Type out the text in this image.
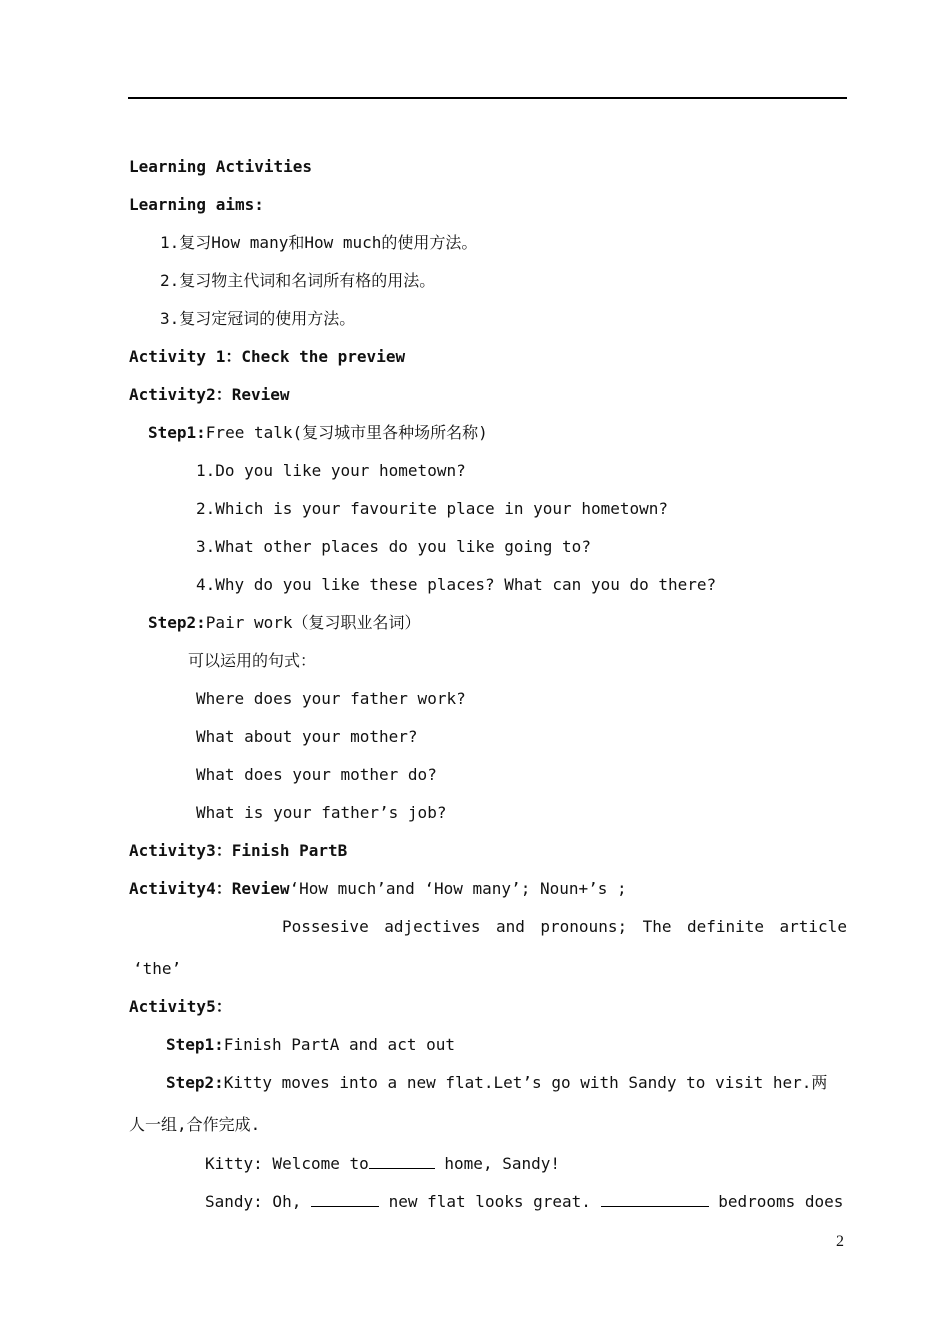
Learning Activities
Learning aims:
1.复习How many和How much的使用方法。
2.复习物主代词和名词所有格的用法。
3.复习定冠词的使用方法。
Activity 1：Check the preview
Activity2：Review
Step1:Free talk(复习城市里各种场所名称)
1.Do you like your hometown?
2.Which is your favourite place in your hometown?
3.What other places do you like going to?
4.Why do you like these places? What can you do there?
Step2:Pair work（复习职业名词）
可以运用的句式：
Where does your father work?
What about your mother?
What does your mother do?
What is your father’s job?
Activity3：Finish PartB
Activity4：Review‘How much’and ‘How many’; Noun+’s ;
Possesive adjectives and pronouns; The definite article
‘the’
Activity5：
Step1:Finish PartA and act out
Step2:Kitty moves into a new flat.Let’s go with Sandy to visit her.两
人一组,合作完成.
Kitty: Welcome to	home, Sandy!
Sandy: Oh,	new flat looks great.	bedrooms does
2
